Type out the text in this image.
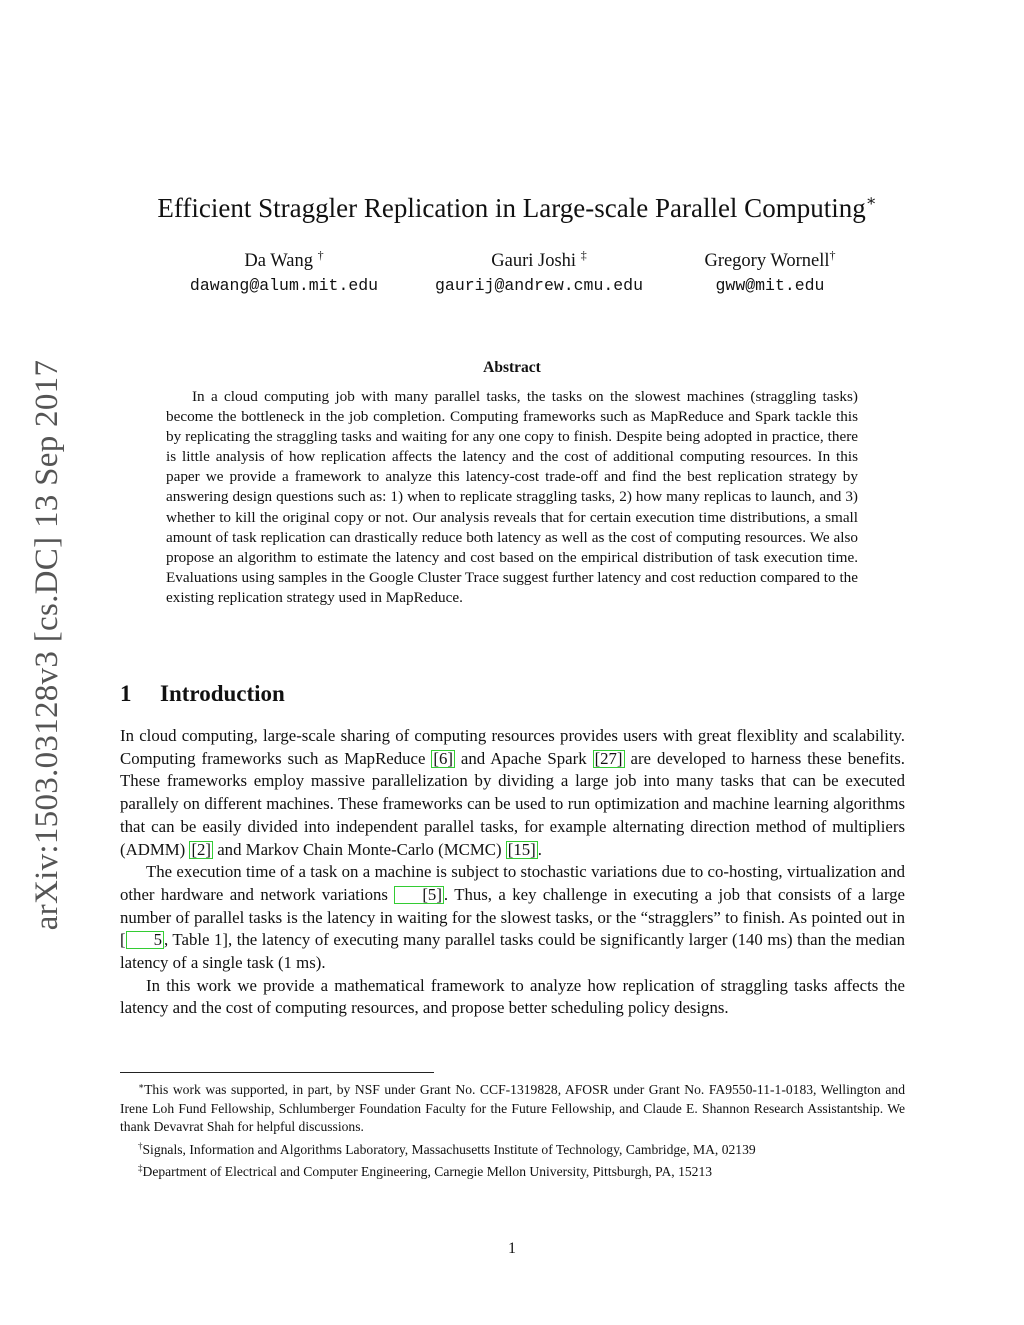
arXiv:1503.03128v3 [cs.DC] 13 Sep 2017
Efficient Straggler Replication in Large-scale Parallel Computing∗
Da Wang †
dawang@alum.mit.edu
Gauri Joshi ‡
gaurij@andrew.cmu.edu
Gregory Wornell†
gww@mit.edu
Abstract

In a cloud computing job with many parallel tasks, the tasks on the slowest machines (straggling tasks) become the bottleneck in the job completion. Computing frameworks such as MapReduce and Spark tackle this by replicating the straggling tasks and waiting for any one copy to finish. Despite being adopted in practice, there is little analysis of how replication affects the latency and the cost of additional computing resources. In this paper we provide a framework to analyze this latency-cost trade-off and find the best replication strategy by answering design questions such as: 1) when to replicate straggling tasks, 2) how many replicas to launch, and 3) whether to kill the original copy or not. Our analysis reveals that for certain execution time distributions, a small amount of task replication can drastically reduce both latency as well as the cost of computing resources. We also propose an algorithm to estimate the latency and cost based on the empirical distribution of task execution time. Evaluations using samples in the Google Cluster Trace suggest further latency and cost reduction compared to the existing replication strategy used in MapReduce.

1 Introduction

In cloud computing, large-scale sharing of computing resources provides users with great flexiblity and scalability. Computing frameworks such as MapReduce [6] and Apache Spark [27] are developed to harness these benefits. These frameworks employ massive parallelization by dividing a large job into many tasks that can be executed parallely on different machines. These frameworks can be used to run optimization and machine learning algorithms that can be easily divided into independent parallel tasks, for example alternating direction method of multipliers (ADMM) [2] and Markov Chain Monte-Carlo (MCMC) [15] .

The execution time of a task on a machine is subject to stochastic variations due to co-hosting, virtualization and other hardware and network variations [5] . Thus, a key challenge in executing a job that consists of a large number of parallel tasks is the latency in waiting for the slowest tasks, or the “stragglers” to finish. As pointed out in [ 5 , Table 1], the latency of executing many parallel tasks could be significantly larger (140 ms) than the median latency of a single task (1 ms).

In this work we provide a mathematical framework to analyze how replication of straggling tasks affects the latency and the cost of computing resources, and propose better scheduling policy designs.

∗This work was supported, in part, by NSF under Grant No. CCF-1319828, AFOSR under Grant No. FA9550-11-1-0183, Wellington and Irene Loh Fund Fellowship, Schlumberger Foundation Faculty for the Future Fellowship, and Claude E. Shannon Research Assistantship. We thank Devavrat Shah for helpful discussions.

†Signals, Information and Algorithms Laboratory, Massachusetts Institute of Technology, Cambridge, MA, 02139

‡Department of Electrical and Computer Engineering, Carnegie Mellon University, Pittsburgh, PA, 15213

1
